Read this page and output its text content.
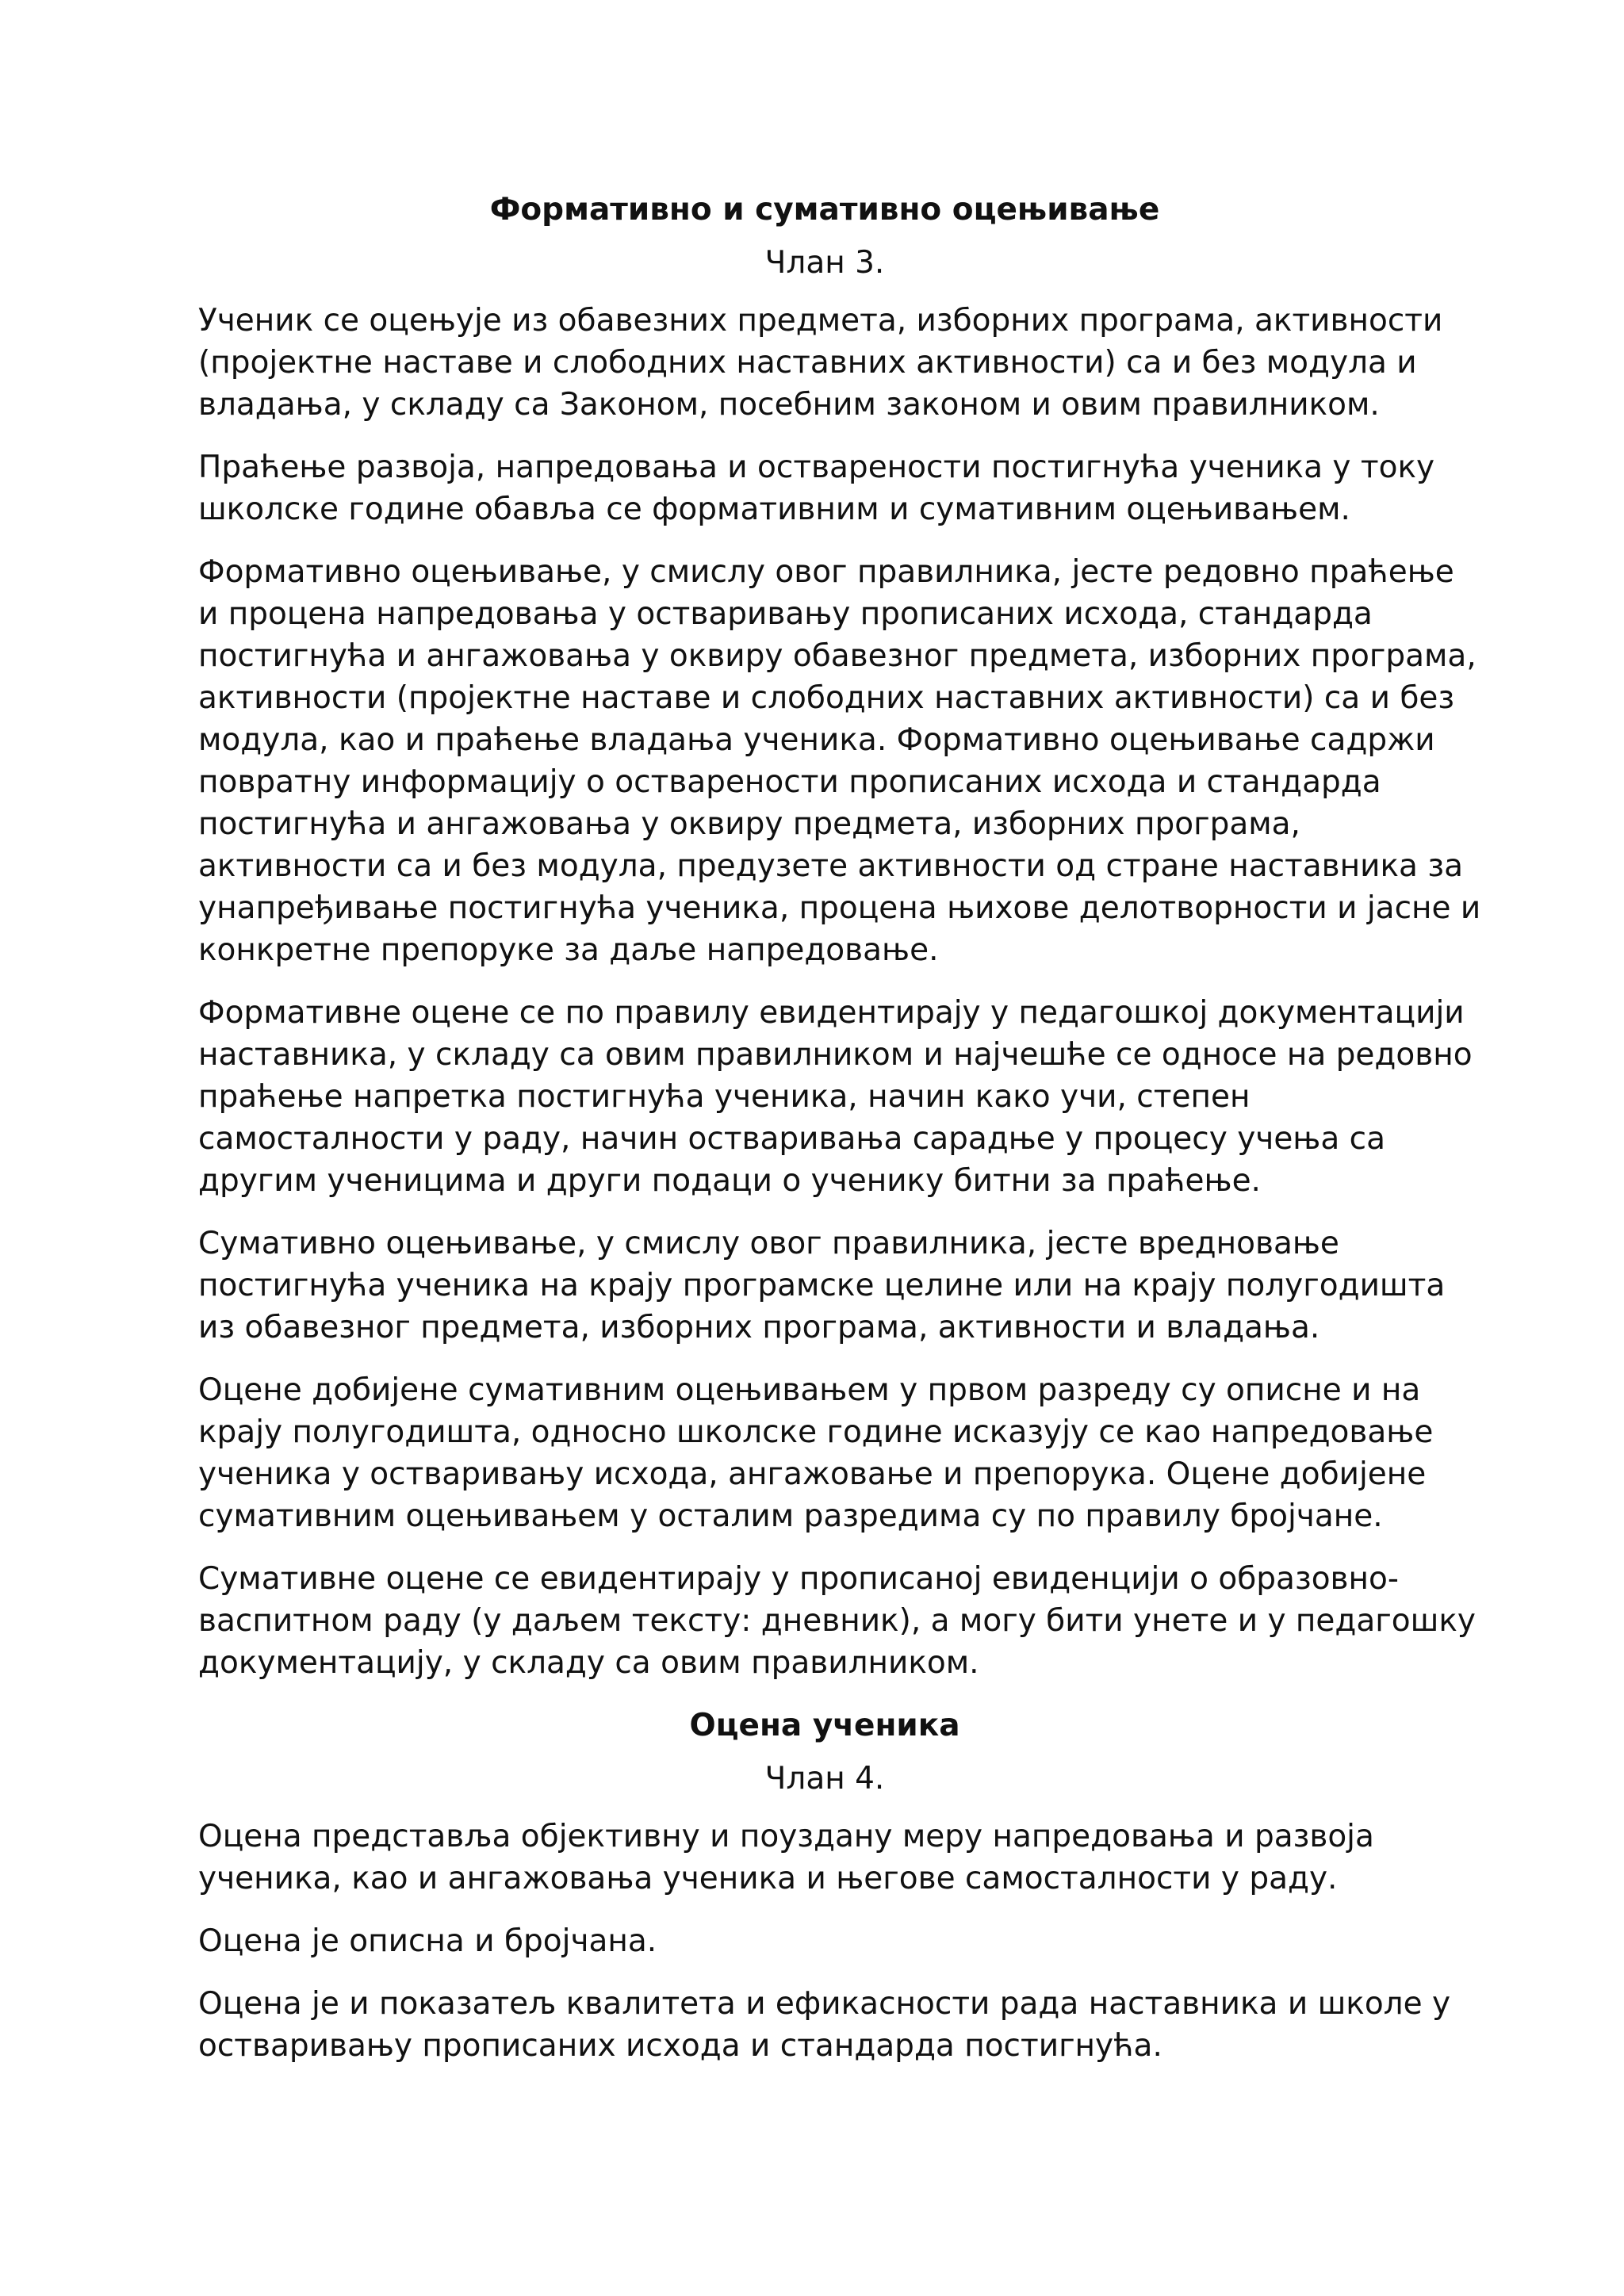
Формативно и сумативно оцењивање
Члан 3.
Ученик се оцењује из обавезних предмета, изборних програма, активности
(пројектне наставе и слободних наставних активности) са и без модула и
владања, у складу са Законом, посебним законом и овим правилником.
Праћење развоја, напредовања и остварености постигнућа ученика у току
школске године обавља се формативним и сумативним оцењивањем.
Формативно оцењивање, у смислу овог правилника, јесте редовно праћење
и процена напредовања у остваривању прописаних исхода, стандарда
постигнућа и ангажовања у оквиру обавезног предмета, изборних програма,
активности (пројектне наставе и слободних наставних активности) са и без
модула, као и праћење владања ученика. Формативно оцењивање садржи
повратну информацију о остварености прописаних исхода и стандарда
постигнућа и ангажовања у оквиру предмета, изборних програма,
активности са и без модула, предузете активности од стране наставника за
унапређивање постигнућа ученика, процена њихове делотворности и јасне и
конкретне препоруке за даље напредовање.
Формативне оцене се по правилу евидентирају у педагошкој документацији
наставника, у складу са овим правилником и најчешће се односе на редовно
праћење напретка постигнућа ученика, начин како учи, степен
самосталности у раду, начин остваривања сарадње у процесу учења са
другим ученицима и други подаци о ученику битни за праћење.
Сумативно оцењивање, у смислу овог правилника, јесте вредновање
постигнућа ученика на крају програмске целине или на крају полугодишта
из обавезног предмета, изборних програма, активности и владања.
Оцене добијене сумативним оцењивањем у првом разреду су описне и на
крају полугодишта, односно школске године исказују се као напредовање
ученика у остваривању исхода, ангажовање и препорука. Оцене добијене
сумативним оцењивањем у осталим разредима су по правилу бројчане.
Сумативне оцене се евидентирају у прописаној евиденцији о образовно-
васпитном раду (у даљем тексту: дневник), а могу бити унете и у педагошку
документацију, у складу са овим правилником.
Оцена ученика
Члан 4.
Оцена представља објективну и поуздану меру напредовања и развоја
ученика, као и ангажовања ученика и његове самосталности у раду.
Оцена је описна и бројчана.
Оцена је и показатељ квалитета и ефикасности рада наставника и школе у
остваривању прописаних исхода и стандарда постигнућа.
